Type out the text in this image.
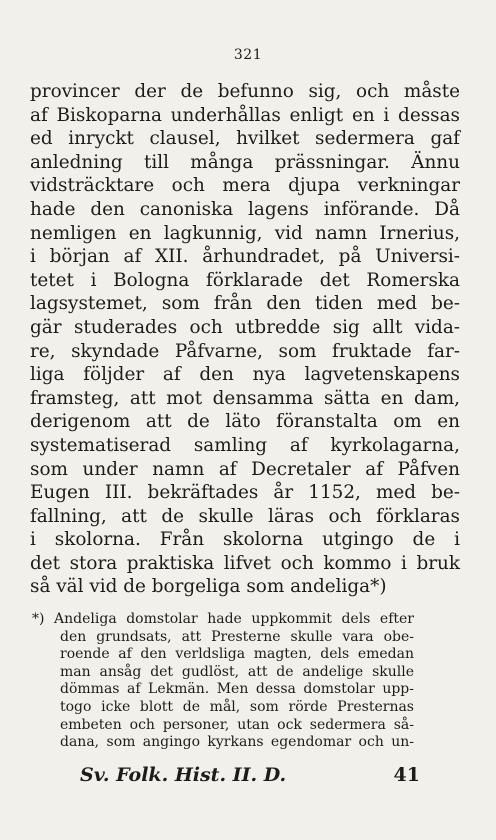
321
provincer der de befunno sig, och måste
af Biskoparna underhållas enligt en i dessas
ed inryckt clausel, hvilket sedermera gaf
anledning till många prässningar. Ännu
vidsträcktare och mera djupa verkningar
hade den canoniska lagens införande. Då
nemligen en lagkunnig, vid namn Irnerius,
i början af XII. århundradet, på Universi-
tetet i Bologna förklarade det Romerska
lagsystemet, som från den tiden med be-
gär studerades och utbredde sig allt vida-
re, skyndade Påfvarne, som fruktade far-
liga följder af den nya lagvetenskapens
framsteg, att mot densamma sätta en dam,
derigenom att de läto föranstalta om en
systematiserad samling af kyrkolagarna,
som under namn af Decretaler af Påfven
Eugen III. bekräftades år 1152, med be-
fallning, att de skulle läras och förklaras
i skolorna. Från skolorna utgingo de i
det stora praktiska lifvet och kommo i bruk
så väl vid de borgeliga som andeliga*)
*) Andeliga domstolar hade uppkommit dels efter
den grundsats, att Presterne skulle vara obe-
roende af den verldsliga magten, dels emedan
man ansåg det gudlöst, att de andelige skulle
dömmas af Lekmän. Men dessa domstolar upp-
togo icke blott de mål, som rörde Presternas
embeten och personer, utan ock sedermera så-
dana, som angingo kyrkans egendomar och un-
Sv. Folk. Hist. II. D.	41
